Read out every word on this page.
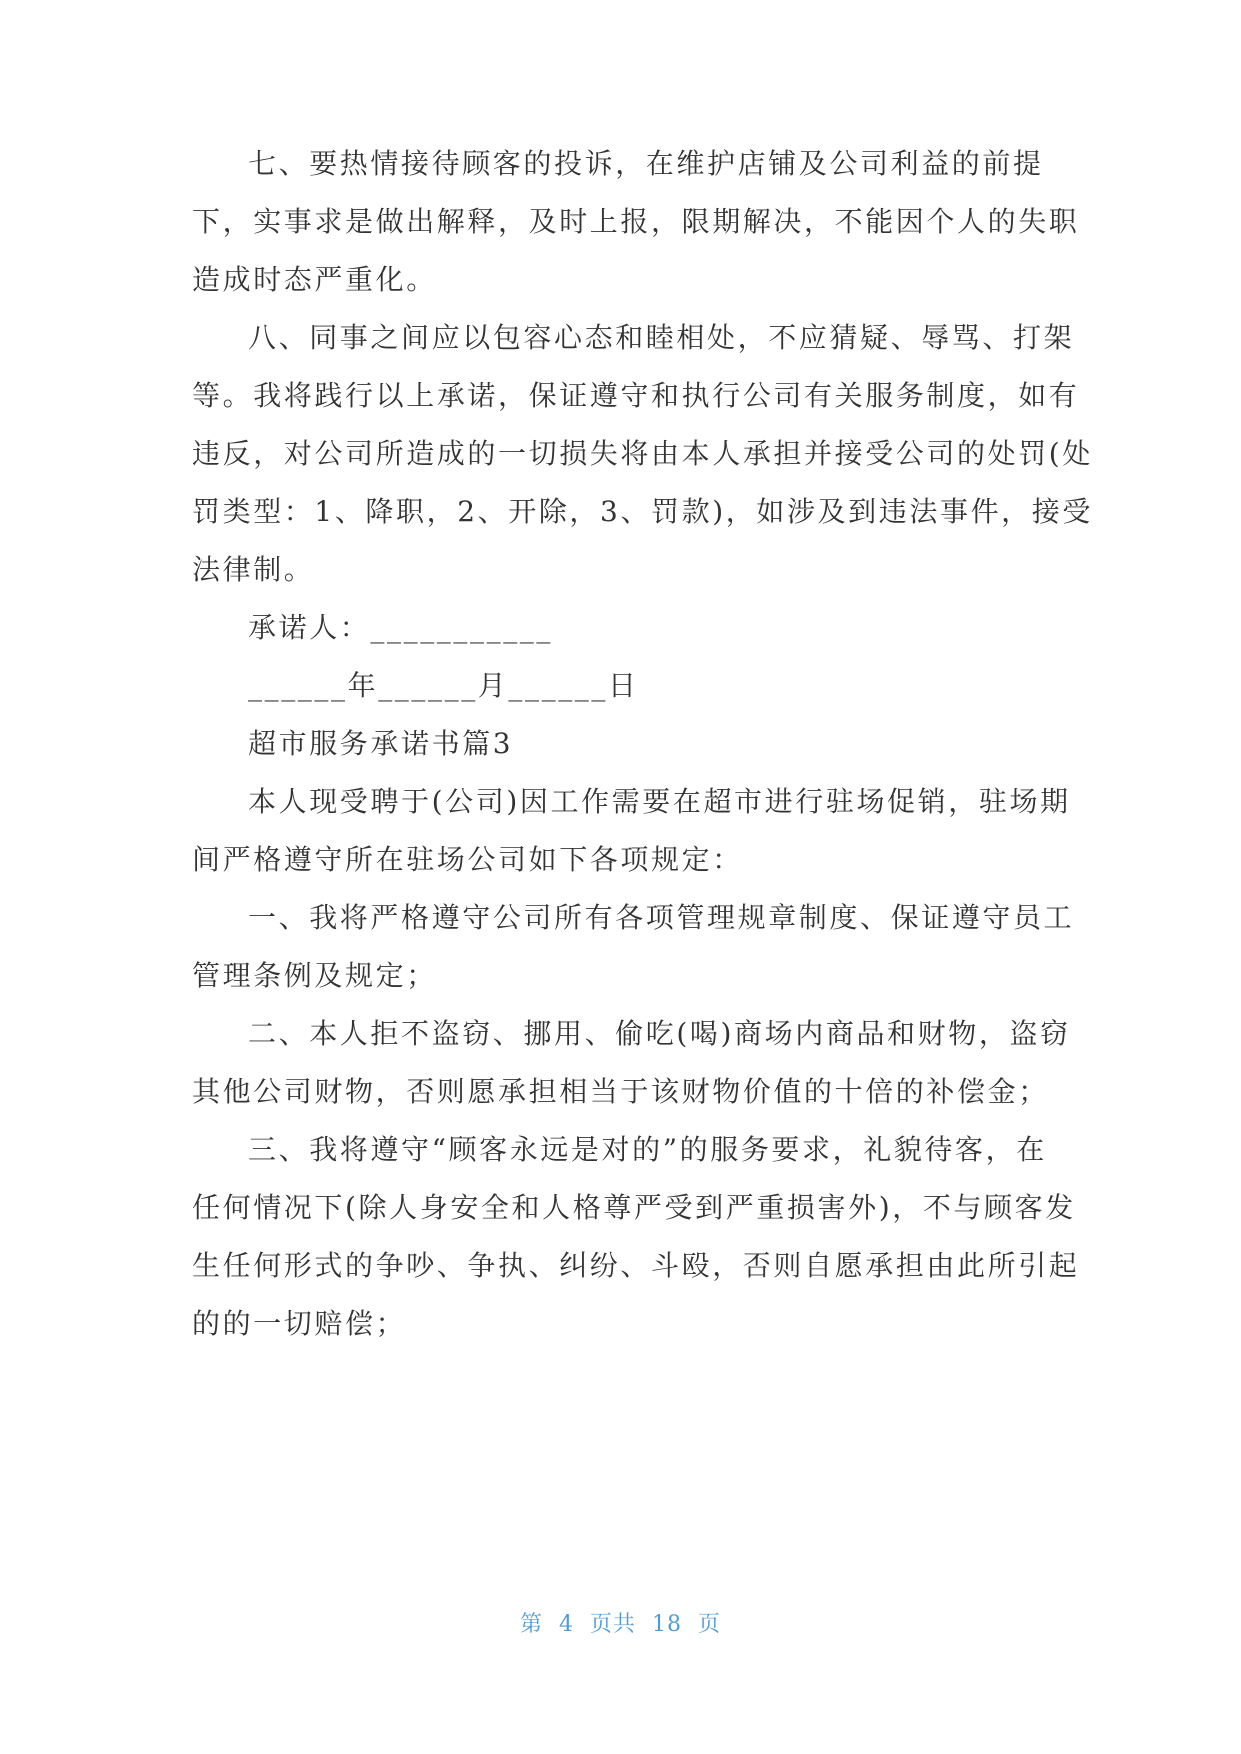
七、要热情接待顾客的投诉，在维护店铺及公司利益的前提
下，实事求是做出解释，及时上报，限期解决，不能因个人的失职
造成时态严重化。
八、同事之间应以包容心态和睦相处，不应猜疑、辱骂、打架
等。我将践行以上承诺，保证遵守和执行公司有关服务制度，如有
违反，对公司所造成的一切损失将由本人承担并接受公司的处罚(处
罚类型：1、降职，2、开除，3、罚款)，如涉及到违法事件，接受
法律制。
承诺人：___________
______年______月______日
超市服务承诺书篇3
本人现受聘于(公司)因工作需要在超市进行驻场促销，驻场期
间严格遵守所在驻场公司如下各项规定：
一、我将严格遵守公司所有各项管理规章制度、保证遵守员工
管理条例及规定；
二、本人拒不盗窃、挪用、偷吃(喝)商场内商品和财物，盗窃
其他公司财物，否则愿承担相当于该财物价值的十倍的补偿金；
三、我将遵守“顾客永远是对的”的服务要求，礼貌待客，在
任何情况下(除人身安全和人格尊严受到严重损害外)，不与顾客发
生任何形式的争吵、争执、纠纷、斗殴，否则自愿承担由此所引起
的的一切赔偿；
第  4  页共  18  页
